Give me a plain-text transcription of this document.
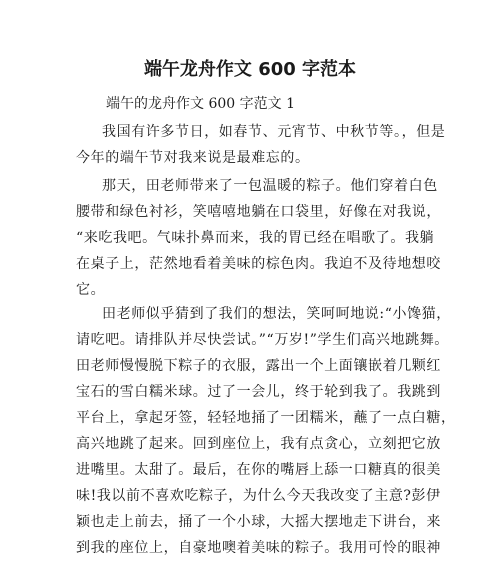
端午龙舟作文 600 字范本
端午的龙舟作文 600 字范文 1
我国有许多节日，如春节、元宵节、中秋节等。，但是
今年的端午节对我来说是最难忘的。
那天，田老师带来了一包温暖的粽子。他们穿着白色
腰带和绿色衬衫，笑嘻嘻地躺在口袋里，好像在对我说，
“来吃我吧。气味扑鼻而来，我的胃已经在唱歌了。我躺
在桌子上，茫然地看着美味的棕色肉。我迫不及待地想咬
它。
田老师似乎猜到了我们的想法，笑呵呵地说:“小馋猫，
请吃吧。请排队并尽快尝试。”“万岁!”学生们高兴地跳舞。
田老师慢慢脱下粽子的衣服，露出一个上面镶嵌着几颗红
宝石的雪白糯米球。过了一会儿，终于轮到我了。我跳到
平台上，拿起牙签，轻轻地捅了一团糯米，蘸了一点白糖，
高兴地跳了起来。回到座位上，我有点贪心，立刻把它放
进嘴里。太甜了。最后，在你的嘴唇上舔一口糖真的很美
味!我以前不喜欢吃粽子，为什么今天我改变了主意?彭伊
颖也走上前去，捅了一个小球，大摇大摆地走下讲台，来
到我的座位上，自豪地噢着美味的粽子。我用可怜的眼神
